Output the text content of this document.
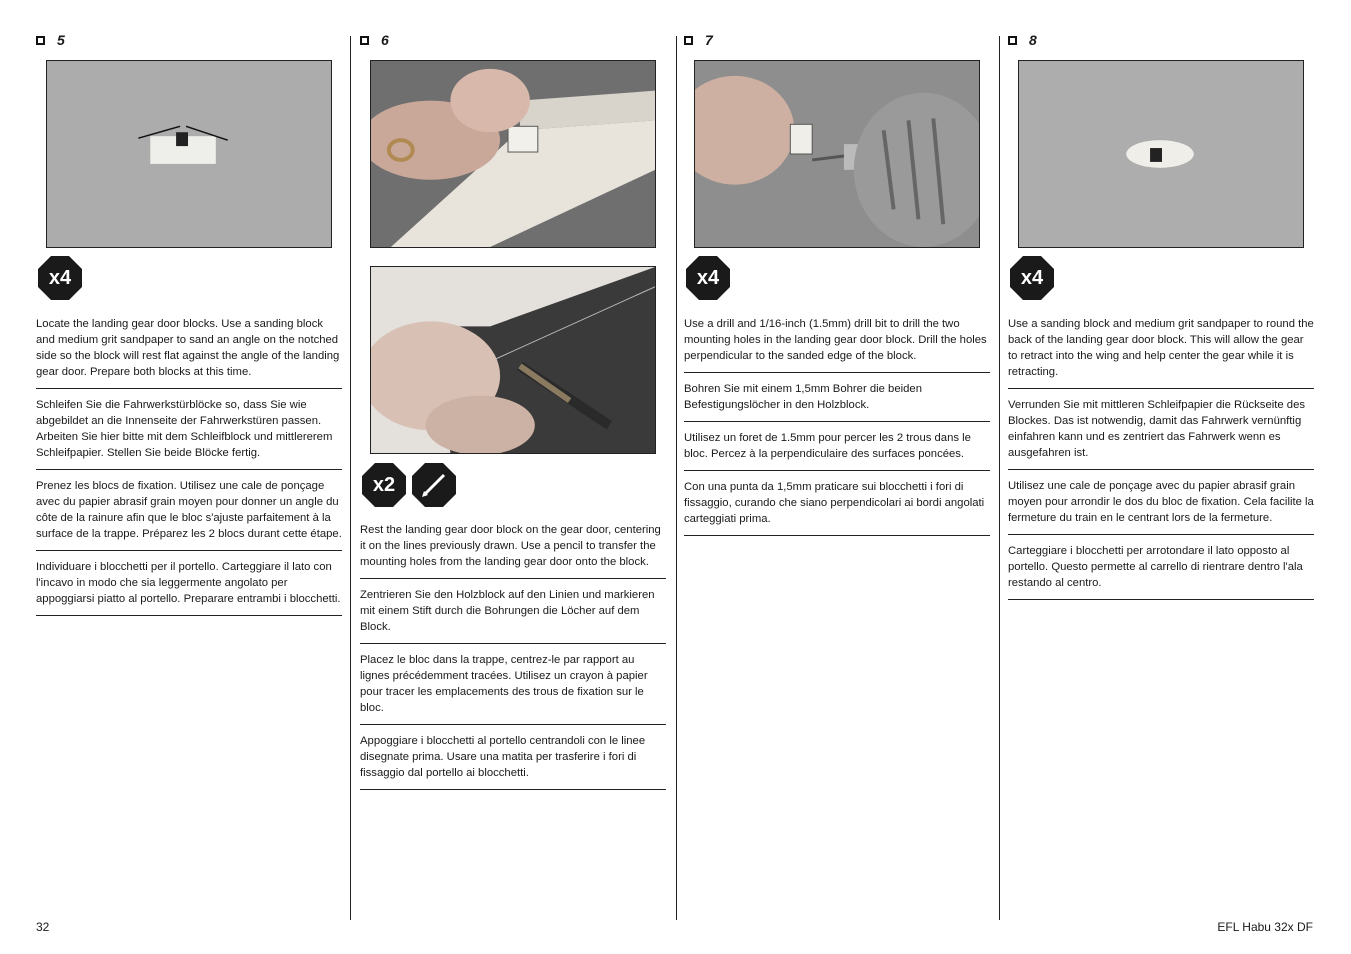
5
x4

Locate the landing gear door blocks. Use a sanding block and medium grit sandpaper to sand an angle on the notched side so the block will rest flat against the angle of the landing gear door. Prepare both blocks at this time.

Schleifen Sie die Fahrwerkstürblöcke so, dass Sie wie abgebildet an die Innenseite der Fahrwerkstüren passen. Arbeiten Sie hier bitte mit dem Schleifblock und mittlererem Schleifpapier. Stellen Sie beide Blöcke fertig.

Prenez les blocs de fixation. Utilisez une cale de ponçage avec du papier abrasif grain moyen pour donner un angle du côte de la rainure afin que le bloc s'ajuste parfaitement à la surface de la trappe. Préparez les 2 blocs durant cette étape.

Individuare i blocchetti per il portello. Carteggiare il lato con l'incavo in modo che sia leggermente angolato per appoggiarsi piatto al portello. Preparare entrambi i blocchetti.

6
x2

Rest the landing gear door block on the gear door, centering it on the lines previously drawn. Use a pencil to transfer the mounting holes from the landing gear door onto the block.

Zentrieren Sie den Holzblock auf den Linien und markieren mit einem Stift durch die Bohrungen die Löcher auf dem Block.

Placez le bloc dans la trappe, centrez-le par rapport au lignes précédemment tracées. Utilisez un crayon à papier pour tracer les emplacements des trous de fixation sur le bloc.

Appoggiare i blocchetti al portello centrandoli con le linee disegnate prima. Usare una matita per trasferire i fori di fissaggio dal portello ai blocchetti.

7
x4

Use a drill and 1/16-inch (1.5mm) drill bit to drill the two mounting holes in the landing gear door block. Drill the holes perpendicular to the sanded edge of the block.

Bohren Sie mit einem 1,5mm Bohrer die beiden Befestigungslöcher in den Holzblock.

Utilisez un foret de 1.5mm pour percer les 2 trous dans le bloc. Percez à la perpendiculaire des surfaces poncées.

Con una punta da 1,5mm praticare sui blocchetti i fori di fissaggio, curando che siano perpendicolari ai bordi angolati carteggiati prima.

8
x4

Use a sanding block and medium grit sandpaper to round the back of the landing gear door block. This will allow the gear to retract into the wing and help center the gear while it is retracting.

Verrunden Sie mit mittleren Schleifpapier die Rückseite des Blockes. Das ist notwendig, damit das Fahrwerk vernünftig einfahren kann und es zentriert das Fahrwerk wenn es ausgefahren ist.

Utilisez une cale de ponçage avec du papier abrasif grain moyen pour arrondir le dos du bloc de fixation. Cela facilite la fermeture du train en le centrant lors de la fermeture.

Carteggiare i blocchetti per arrotondare il lato opposto al portello. Questo permette al carrello di rientrare dentro l'ala restando al centro.

32	EFL Habu 32x DF
